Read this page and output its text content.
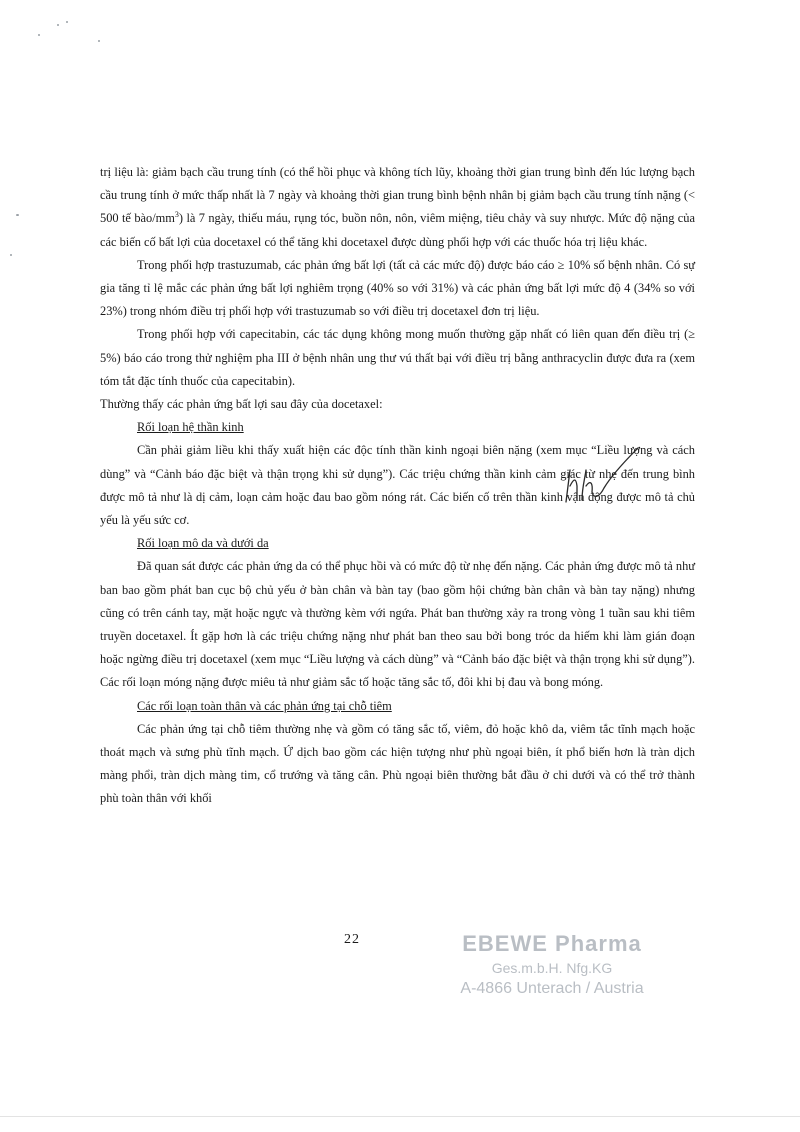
trị liệu là: giảm bạch cầu trung tính (có thể hồi phục và không tích lũy, khoảng thời gian trung bình đến lúc lượng bạch cầu trung tính ở mức thấp nhất là 7 ngày và khoảng thời gian trung bình bệnh nhân bị giảm bạch cầu trung tính nặng (< 500 tế bào/$mm^3$) là 7 ngày, thiếu máu, rụng tóc, buồn nôn, nôn, viêm miệng, tiêu chảy và suy nhược. Mức độ nặng của các biến cố bất lợi của docetaxel có thể tăng khi docetaxel được dùng phối hợp với các thuốc hóa trị liệu khác.

Trong phối hợp trastuzumab, các phản ứng bất lợi (tất cả các mức độ) được báo cáo ≥ 10% số bệnh nhân. Có sự gia tăng tỉ lệ mắc các phản ứng bất lợi nghiêm trọng (40% so với 31%) và các phản ứng bất lợi mức độ 4 (34% so với 23%) trong nhóm điều trị phối hợp với trastuzumab so với điều trị docetaxel đơn trị liệu.

Trong phối hợp với capecitabin, các tác dụng không mong muốn thường gặp nhất có liên quan đến điều trị (≥ 5%) báo cáo trong thử nghiệm pha III ở bệnh nhân ung thư vú thất bại với điều trị bằng anthracyclin được đưa ra (xem tóm tắt đặc tính thuốc của capecitabin).

Thường thấy các phản ứng bất lợi sau đây của docetaxel:

Rối loạn hệ thần kinh

Cần phải giảm liều khi thấy xuất hiện các độc tính thần kinh ngoại biên nặng (xem mục “Liều lượng và cách dùng” và “Cảnh báo đặc biệt và thận trọng khi sử dụng”). Các triệu chứng thần kinh cảm giác từ nhẹ đến trung bình được mô tả như là dị cảm, loạn cảm hoặc đau bao gồm nóng rát. Các biến cố trên thần kinh vận động được mô tả chủ yếu là yếu sức cơ.

Rối loạn mô da và dưới da

Đã quan sát được các phản ứng da có thể phục hồi và có mức độ từ nhẹ đến nặng. Các phản ứng được mô tả như ban bao gồm phát ban cục bộ chủ yếu ở bàn chân và bàn tay (bao gồm hội chứng bàn chân và bàn tay nặng) nhưng cũng có trên cánh tay, mặt hoặc ngực và thường kèm với ngứa. Phát ban thường xảy ra trong vòng 1 tuần sau khi tiêm truyền docetaxel. Ít gặp hơn là các triệu chứng nặng như phát ban theo sau bởi bong tróc da hiếm khi làm gián đoạn hoặc ngừng điều trị docetaxel (xem mục “Liều lượng và cách dùng” và “Cảnh báo đặc biệt và thận trọng khi sử dụng”). Các rối loạn móng nặng được miêu tả như giảm sắc tố hoặc tăng sắc tố, đôi khi bị đau và bong móng.

Các rối loạn toàn thân và các phản ứng tại chỗ tiêm

Các phản ứng tại chỗ tiêm thường nhẹ và gồm có tăng sắc tố, viêm, đỏ hoặc khô da, viêm tắc tĩnh mạch hoặc thoát mạch và sưng phù tĩnh mạch. Ứ dịch bao gồm các hiện tượng như phù ngoại biên, ít phổ biến hơn là tràn dịch màng phổi, tràn dịch màng tim, cổ trướng và tăng cân. Phù ngoại biên thường bắt đầu ở chi dưới và có thể trở thành phù toàn thân với khối

22	EBEWE Pharma
Ges.m.b.H. Nfg.KG
A-4866 Unterach / Austria
